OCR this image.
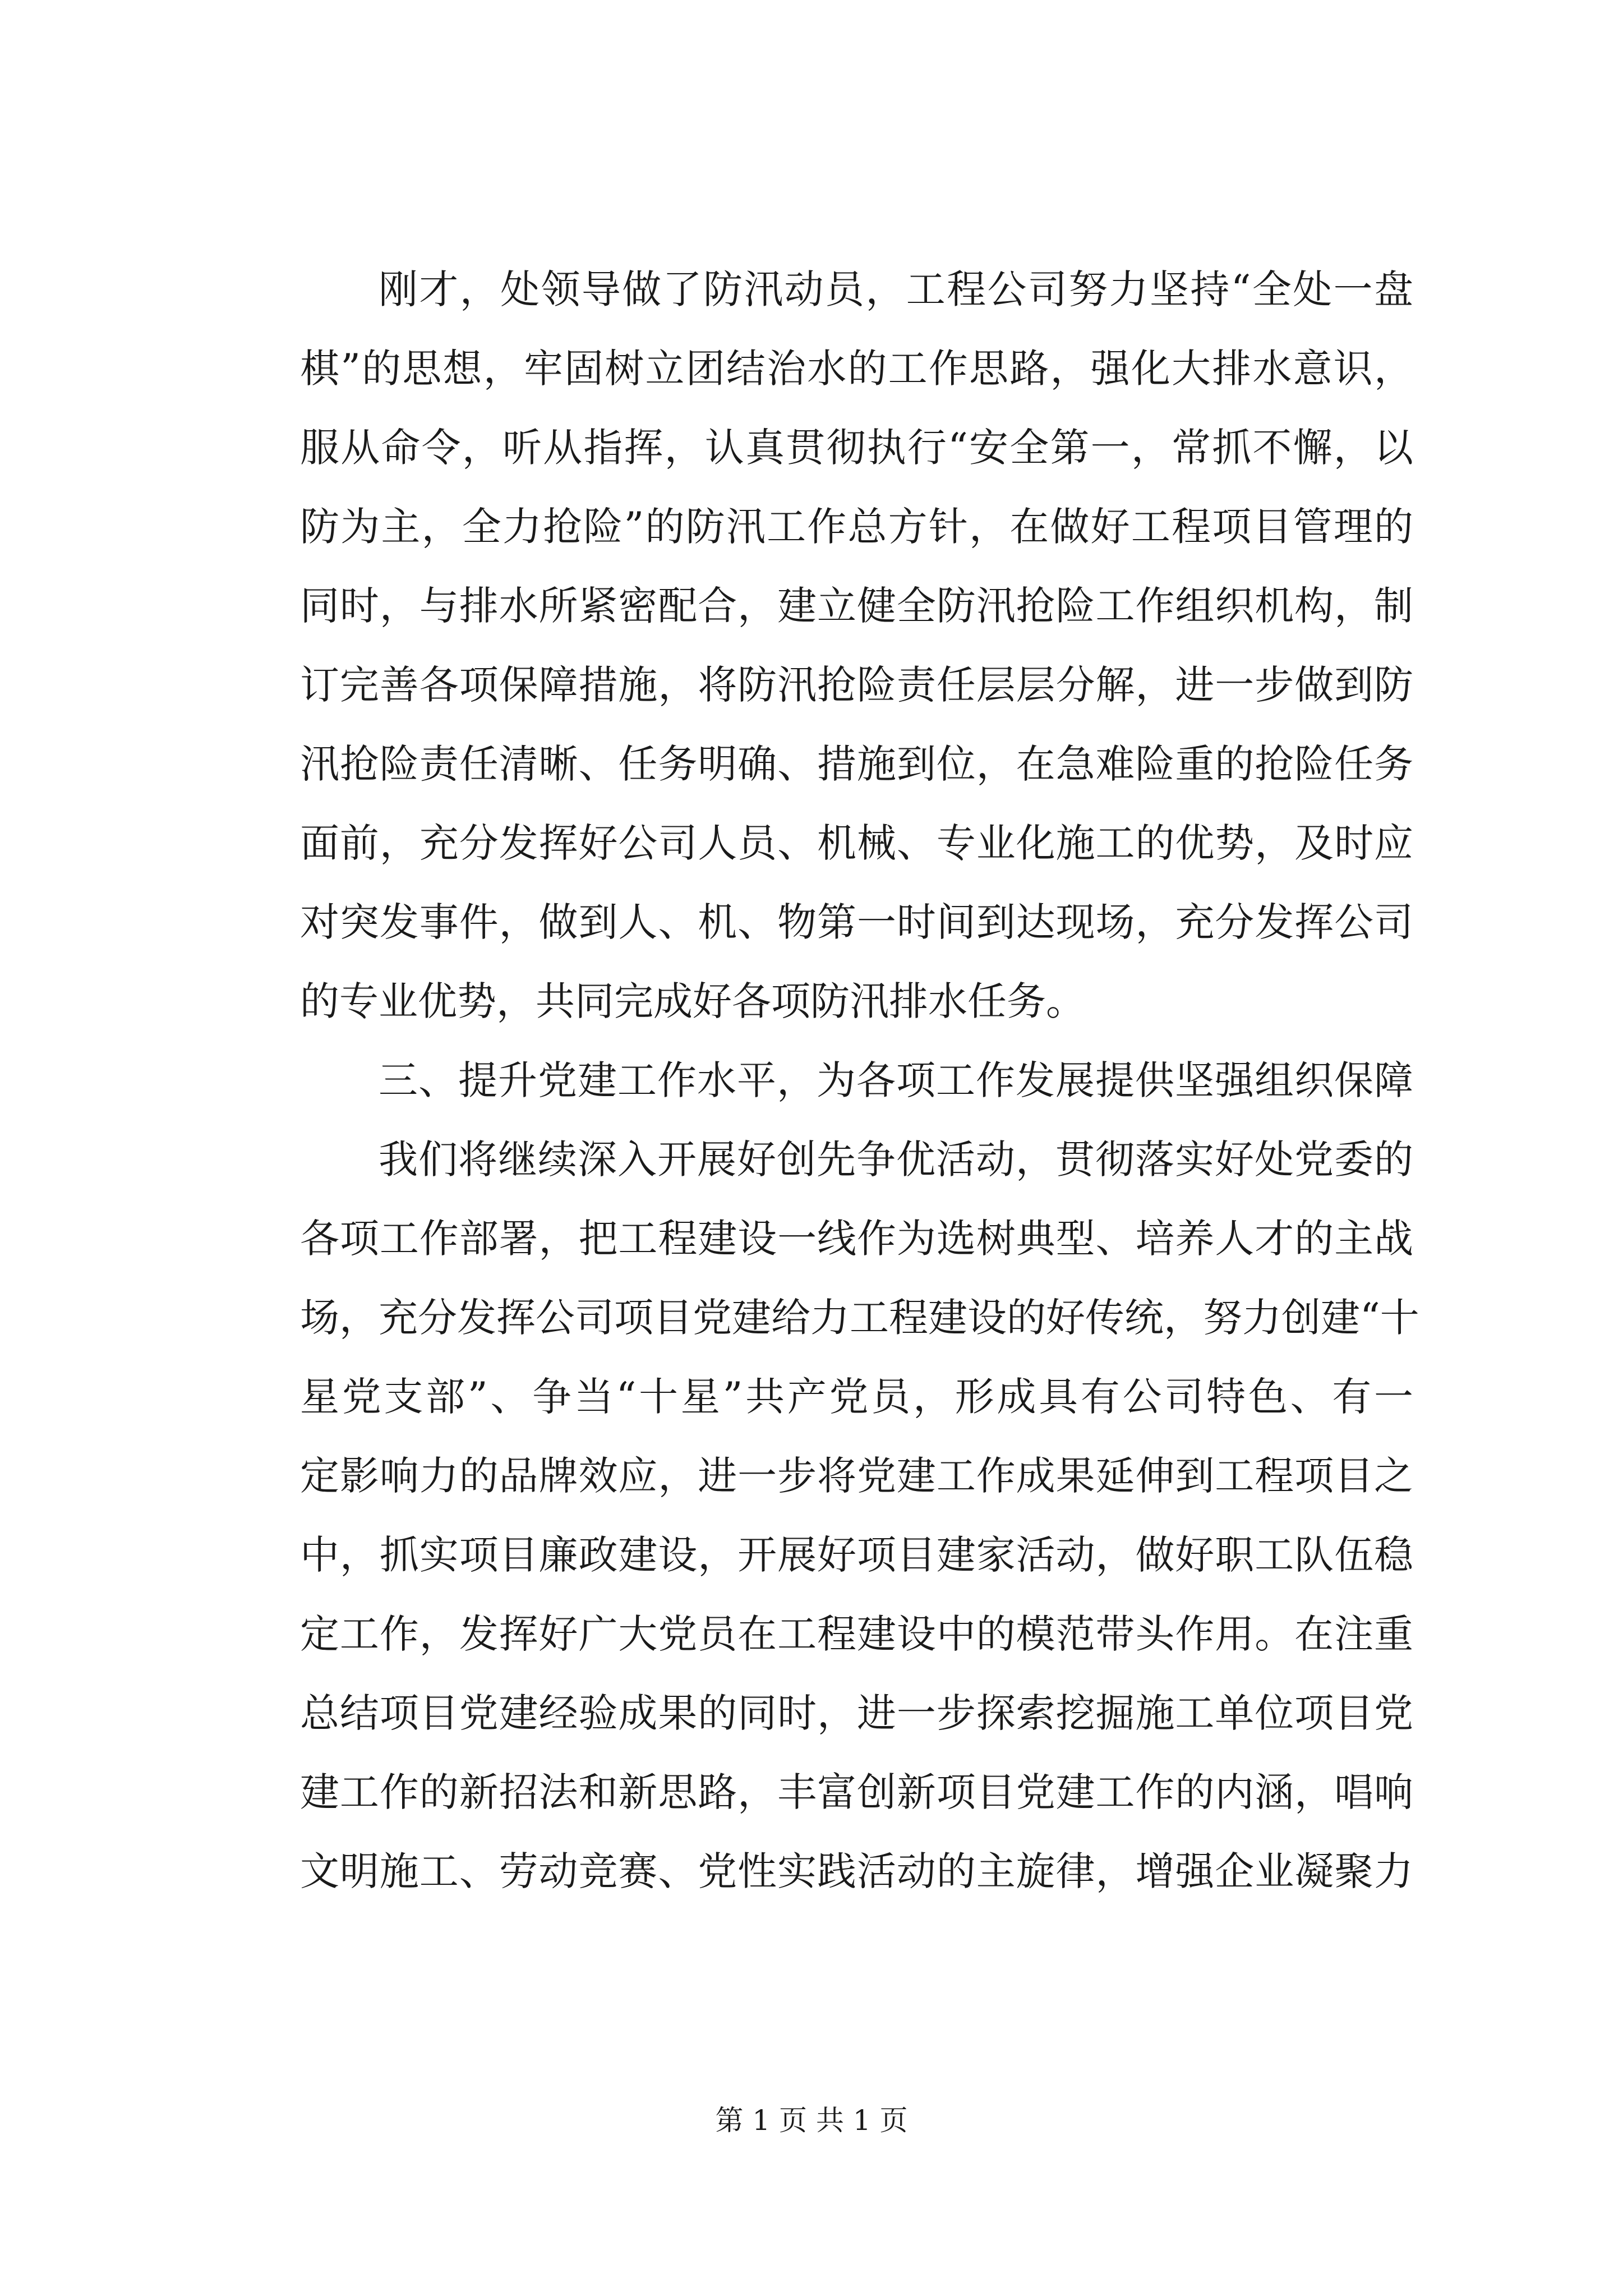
刚才，处领导做了防汛动员，工程公司努力坚持“全处一盘
棋”的思想，牢固树立团结治水的工作思路，强化大排水意识，
服从命令，听从指挥，认真贯彻执行“安全第一，常抓不懈，以
防为主，全力抢险”的防汛工作总方针，在做好工程项目管理的
同时，与排水所紧密配合，建立健全防汛抢险工作组织机构，制
订完善各项保障措施，将防汛抢险责任层层分解，进一步做到防
汛抢险责任清晰、任务明确、措施到位，在急难险重的抢险任务
面前，充分发挥好公司人员、机械、专业化施工的优势，及时应
对突发事件，做到人、机、物第一时间到达现场，充分发挥公司
的专业优势，共同完成好各项防汛排水任务。
三、提升党建工作水平，为各项工作发展提供坚强组织保障
我们将继续深入开展好创先争优活动，贯彻落实好处党委的
各项工作部署，把工程建设一线作为选树典型、培养人才的主战
场，充分发挥公司项目党建给力工程建设的好传统，努力创建“十
星党支部”、争当“十星”共产党员，形成具有公司特色、有一
定影响力的品牌效应，进一步将党建工作成果延伸到工程项目之
中，抓实项目廉政建设，开展好项目建家活动，做好职工队伍稳
定工作，发挥好广大党员在工程建设中的模范带头作用。在注重
总结项目党建经验成果的同时，进一步探索挖掘施工单位项目党
建工作的新招法和新思路，丰富创新项目党建工作的内涵，唱响
文明施工、劳动竞赛、党性实践活动的主旋律，增强企业凝聚力
第 1 页 共 1 页
